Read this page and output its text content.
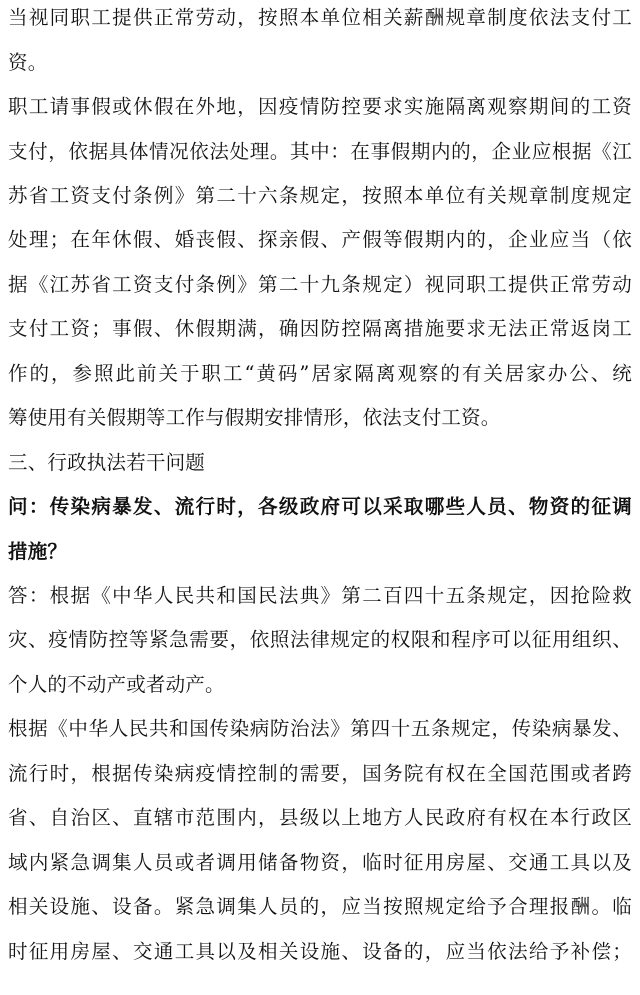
当视同职工提供正常劳动，按照本单位相关薪酬规章制度依法支付工
资。
职工请事假或休假在外地，因疫情防控要求实施隔离观察期间的工资
支付，依据具体情况依法处理。其中：在事假期内的，企业应根据《江
苏省工资支付条例》第二十六条规定，按照本单位有关规章制度规定
处理；在年休假、婚丧假、探亲假、产假等假期内的，企业应当（依
据《江苏省工资支付条例》第二十九条规定）视同职工提供正常劳动
支付工资；事假、休假期满，确因防控隔离措施要求无法正常返岗工
作的，参照此前关于职工“黄码”居家隔离观察的有关居家办公、统
筹使用有关假期等工作与假期安排情形，依法支付工资。
三、行政执法若干问题
问：传染病暴发、流行时，各级政府可以采取哪些人员、物资的征调
措施？
答：根据《中华人民共和国民法典》第二百四十五条规定，因抢险救
灾、疫情防控等紧急需要，依照法律规定的权限和程序可以征用组织、
个人的不动产或者动产。
根据《中华人民共和国传染病防治法》第四十五条规定，传染病暴发、
流行时，根据传染病疫情控制的需要，国务院有权在全国范围或者跨
省、自治区、直辖市范围内，县级以上地方人民政府有权在本行政区
域内紧急调集人员或者调用储备物资，临时征用房屋、交通工具以及
相关设施、设备。紧急调集人员的，应当按照规定给予合理报酬。临
时征用房屋、交通工具以及相关设施、设备的，应当依法给予补偿；
